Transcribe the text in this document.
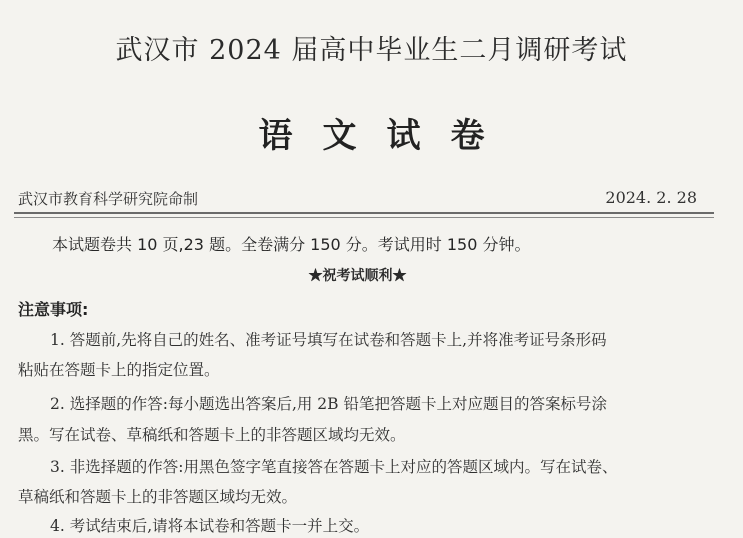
武汉市 2024 届高中毕业生二月调研考试
语文试卷
武汉市教育科学研究院命制	2024. 2. 28
本试题卷共 10 页,23 题。全卷满分 150 分。考试用时 150 分钟。
★祝考试顺利★
注意事项:
1. 答题前,先将自己的姓名、准考证号填写在试卷和答题卡上,并将准考证号条形码
粘贴在答题卡上的指定位置。
2. 选择题的作答:每小题选出答案后,用 2B 铅笔把答题卡上对应题目的答案标号涂
黑。写在试卷、草稿纸和答题卡上的非答题区域均无效。
3. 非选择题的作答:用黑色签字笔直接答在答题卡上对应的答题区域内。写在试卷、
草稿纸和答题卡上的非答题区域均无效。
4. 考试结束后,请将本试卷和答题卡一并上交。
